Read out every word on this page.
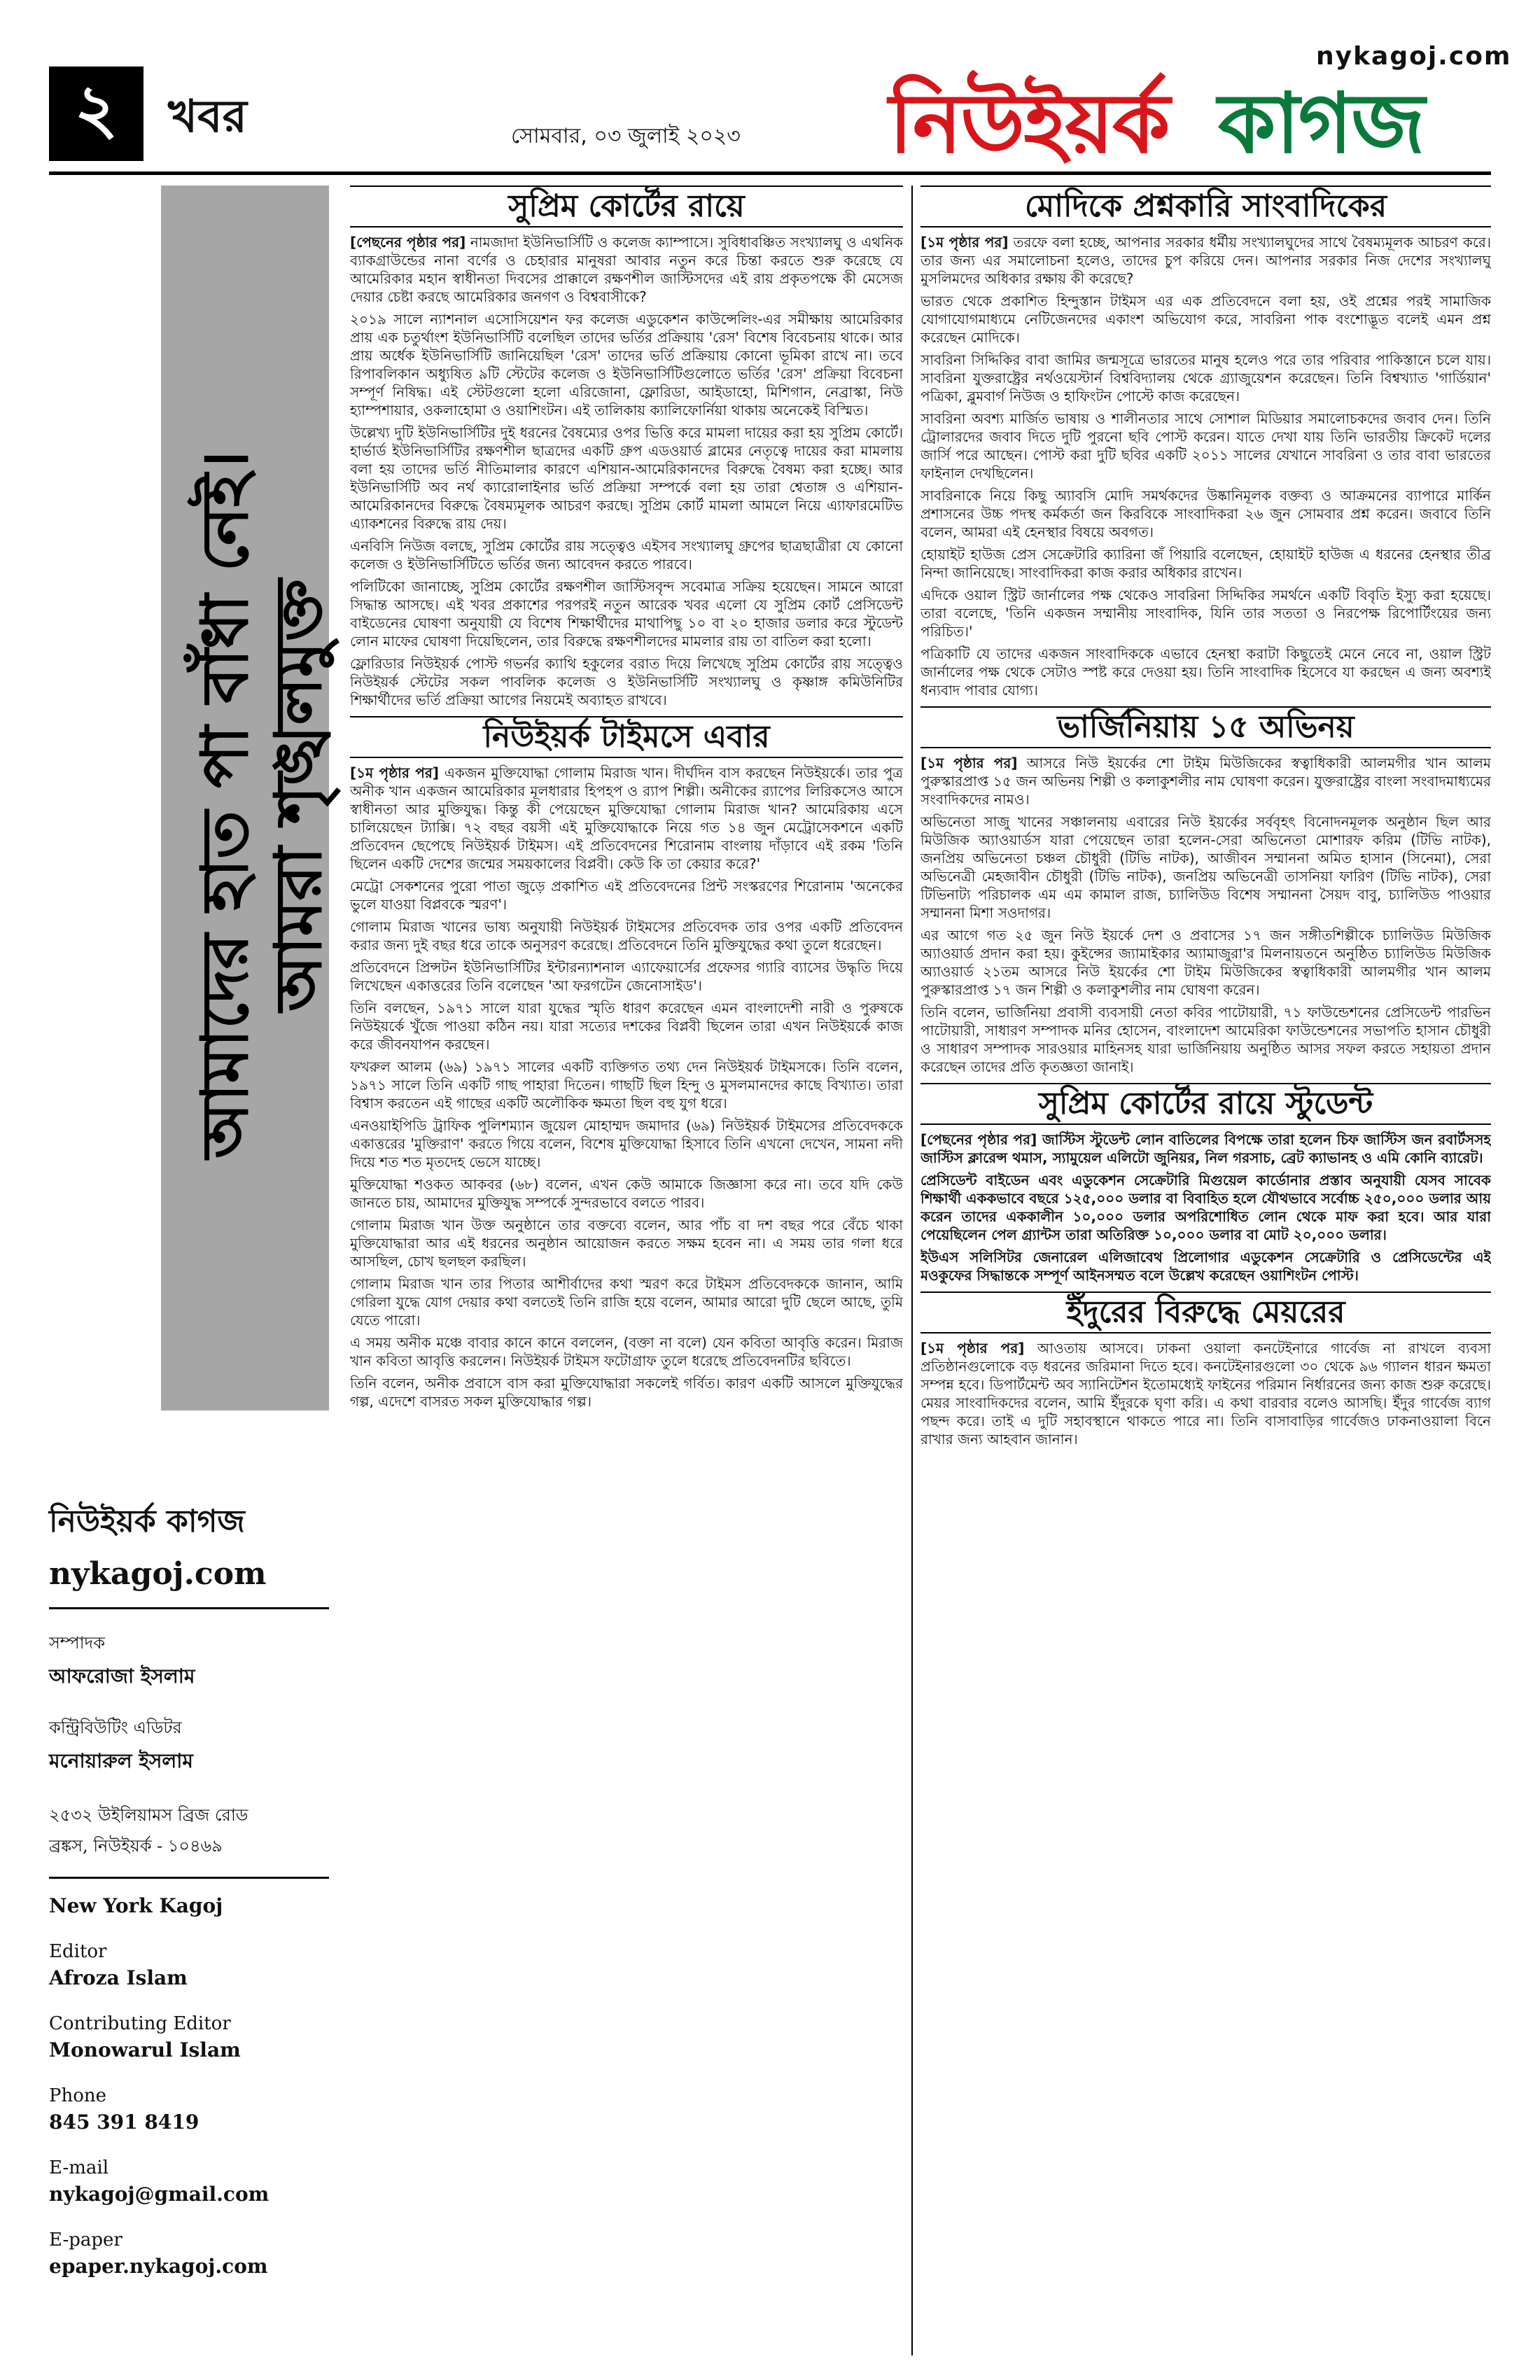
২	খবর	সোমবার, ০৩ জুলাই ২০২৩
nykagoj.com
নিউইয়র্ক কাগজ
আমাদের হাত পা বাঁধা নেই।
আমরা শৃঙ্খলমুক্ত
নিউইয়র্ক কাগজ
nykagoj.com
সম্পাদক
আফরোজা ইসলাম
কন্ট্রিবিউটিং এডিটর
মনোয়ারুল ইসলাম
২৫৩২ উইলিয়ামস ব্রিজ রোড
ব্রঙ্কস, নিউইয়র্ক - ১০৪৬৯
New York Kagoj
Editor
Afroza Islam
Contributing Editor
Monowarul Islam
Phone
845 391 8419
E-mail
nykagoj@gmail.com
E-paper
epaper.nykagoj.com
সুপ্রিম কোর্টের রায়ে

[পেছনের পৃষ্ঠার পর] নামজাদা ইউনিভার্সিটি ও কলেজ ক্যাম্পাসে। সুবিধাবঞ্চিত সংখ্যালঘু ও এথনিক ব্যাকগ্রাউন্ডের নানা বর্ণের ও চেহারার মানুষরা আবার নতুন করে চিন্তা করতে শুরু করেছে যে আমেরিকার মহান স্বাধীনতা দিবসের প্রাক্কালে রক্ষণশীল জাস্টিসদের এই রায় প্রকৃতপক্ষে কী মেসেজ দেয়ার চেষ্টা করছে আমেরিকার জনগণ ও বিশ্ববাসীকে?

২০১৯ সালে ন্যাশনাল এসোসিয়েশন ফর কলেজ এডুকেশন কাউন্সেলিং-এর সমীক্ষায় আমেরিকার প্রায় এক চতুর্থাংশ ইউনিভার্সিটি বলেছিল তাদের ভর্তির প্রক্রিয়ায় 'রেস' বিশেষ বিবেচনায় থাকে। আর প্রায় অর্ধেক ইউনিভার্সিটি জানিয়েছিল 'রেস' তাদের ভর্তি প্রক্রিয়ায় কোনো ভূমিকা রাখে না। তবে রিপাবলিকান অধ্যুষিত ৯টি স্টেটের কলেজ ও ইউনিভার্সিটিগুলোতে ভর্তির 'রেস' প্রক্রিয়া বিবেচনা সম্পূর্ণ নিষিদ্ধ। এই স্টেটগুলো হলো এরিজোনা, ফ্লোরিডা, আইডাহো, মিশিগান, নেব্রাস্কা, নিউ হ্যাম্পশায়ার, ওকলাহোমা ও ওয়াশিংটন। এই তালিকায় ক্যালিফোর্নিয়া থাকায় অনেকেই বিস্মিত।

উল্লেখ্য দুটি ইউনিভার্সিটির দুই ধরনের বৈষম্যের ওপর ভিত্তি করে মামলা দায়ের করা হয় সুপ্রিম কোর্টে। হার্ভার্ড ইউনিভার্সিটির রক্ষণশীল ছাত্রদের একটি গ্রুপ এডওয়ার্ড ব্লামের নেতৃত্বে দায়ের করা মামলায় বলা হয় তাদের ভর্তি নীতিমালার কারণে এশিয়ান-আমেরিকানদের বিরুদ্ধে বৈষম্য করা হচ্ছে। আর ইউনিভার্সিটি অব নর্থ ক্যারোলাইনার ভর্তি প্রক্রিয়া সম্পর্কে বলা হয় তারা শ্বেতাঙ্গ ও এশিয়ান-আমেরিকানদের বিরুদ্ধে বৈষম্যমূলক আচরণ করছে। সুপ্রিম কোর্ট মামলা আমলে নিয়ে এ্যাফারমেটিভ এ্যাকশনের বিরুদ্ধে রায় দেয়।

এনবিসি নিউজ বলছে, সুপ্রিম কোর্টের রায় সত্ত্বেও এইসব সংখ্যালঘু গ্রুপের ছাত্রছাত্রীরা যে কোনো কলেজ ও ইউনিভার্সিটিতে ভর্তির জন্য আবেদন করতে পারবে।

পলিটিকো জানাচ্ছে, সুপ্রিম কোর্টের রক্ষণশীল জাস্টিসবৃন্দ সবেমাত্র সক্রিয় হয়েছেন। সামনে আরো সিদ্ধান্ত আসছে। এই খবর প্রকাশের পরপরই নতুন আরেক খবর এলো যে সুপ্রিম কোর্ট প্রেসিডেন্ট বাইডেনের ঘোষণা অনুযায়ী যে বিশেষ শিক্ষার্থীদের মাথাপিছু ১০ বা ২০ হাজার ডলার করে স্টুডেন্ট লোন মাফের ঘোষণা দিয়েছিলেন, তার বিরুদ্ধে রক্ষণশীলদের মামলার রায় তা বাতিল করা হলো।

ফ্লোরিডার নিউইয়র্ক পোস্ট গভর্নর ক্যাথি হকুলের বরাত দিয়ে লিখেছে সুপ্রিম কোর্টের রায় সত্ত্বেও নিউইয়র্ক স্টেটের সকল পাবলিক কলেজ ও ইউনিভার্সিটি সংখ্যালঘু ও কৃষ্ণাঙ্গ কমিউনিটির শিক্ষার্থীদের ভর্তি প্রক্রিয়া আগের নিয়মেই অব্যাহত রাখবে।

নিউইয়র্ক টাইমসে এবার

[১ম পৃষ্ঠার পর] একজন মুক্তিযোদ্ধা গোলাম মিরাজ খান। দীর্ঘদিন বাস করছেন নিউইয়র্কে। তার পুত্র অনীক খান একজন আমেরিকার মূলধারার হিপহপ ও র‌্যাপ শিল্পী। অনীকের র‌্যাপের লিরিকসেও আসে স্বাধীনতা আর মুক্তিযুদ্ধ। কিন্তু কী পেয়েছেন মুক্তিযোদ্ধা গোলাম মিরাজ খান? আমেরিকায় এসে চালিয়েছেন ট্যাক্সি। ৭২ বছর বয়সী এই মুক্তিযোদ্ধাকে নিয়ে গত ১৪ জুন মেট্রোসেকশনে একটি প্রতিবেদন ছেপেছে নিউইয়র্ক টাইমস। এই প্রতিবেদনের শিরোনাম বাংলায় দাঁড়াবে এই রকম 'তিনি ছিলেন একটি দেশের জন্মের সময়কালের বিপ্লবী। কেউ কি তা কেয়ার করে?'

মেট্রো সেকশনের পুরো পাতা জুড়ে প্রকাশিত এই প্রতিবেদনের প্রিন্ট সংস্করণের শিরোনাম 'অনেকের ভুলে যাওয়া বিপ্লবকে স্মরণ'।

গোলাম মিরাজ খানের ভাষ্য অনুযায়ী নিউইয়র্ক টাইমসের প্রতিবেদক তার ওপর একটি প্রতিবেদন করার জন্য দুই বছর ধরে তাকে অনুসরণ করেছে। প্রতিবেদনে তিনি মুক্তিযুদ্ধের কথা তুলে ধরেছেন।

প্রতিবেদনে প্রিন্সটন ইউনিভার্সিটির ইন্টারন্যাশনাল এ্যাফেয়ার্সের প্রফেসর গ্যারি ব্যাসের উদ্ধৃতি দিয়ে লিখেছেন একাত্তরের তিনি বলেছেন 'আ ফরগটেন জেনোসাইড'।

তিনি বলছেন, ১৯৭১ সালে যারা যুদ্ধের স্মৃতি ধারণ করেছেন এমন বাংলাদেশী নারী ও পুরুষকে নিউইয়র্কে খুঁজে পাওয়া কঠিন নয়। যারা সত্যের দশকের বিপ্লবী ছিলেন তারা এখন নিউইয়র্কে কাজ করে জীবনযাপন করছেন।

ফখরুল আলম (৬৯) ১৯৭১ সালের একটি ব্যক্তিগত তথ্য দেন নিউইয়র্ক টাইমসকে। তিনি বলেন, ১৯৭১ সালে তিনি একটি গাছ পাহারা দিতেন। গাছটি ছিল হিন্দু ও মুসলমানদের কাছে বিখ্যাত। তারা বিশ্বাস করতেন এই গাছের একটি অলৌকিক ক্ষমতা ছিল বহু যুগ ধরে।

এনওয়াইপিডি ট্রাফিক পুলিশম্যান জুয়েল মোহাম্মদ জমাদার (৬৯) নিউইয়র্ক টাইমসের প্রতিবেদককে একাত্তরের 'মুক্তিরাণ' করতে গিয়ে বলেন, বিশেষ মুক্তিযোদ্ধা হিসাবে তিনি এখনো দেখেন, সামনা নদী দিয়ে শত শত মৃতদেহ ভেসে যাচ্ছে।

মুক্তিযোদ্ধা শওকত আকবর (৬৮) বলেন, এখন কেউ আমাকে জিজ্ঞাসা করে না। তবে যদি কেউ জানতে চায়, আমাদের মুক্তিযুদ্ধ সম্পর্কে সুন্দরভাবে বলতে পারব।

গোলাম মিরাজ খান উক্ত অনুষ্ঠানে তার বক্তব্যে বলেন, আর পাঁচ বা দশ বছর পরে বেঁচে থাকা মুক্তিযোদ্ধারা আর এই ধরনের অনুষ্ঠান আয়োজন করতে সক্ষম হবেন না। এ সময় তার গলা ধরে আসছিল, চোখ ছলছল করছিল।

গোলাম মিরাজ খান তার পিতার আশীর্বাদের কথা স্মরণ করে টাইমস প্রতিবেদককে জানান, আমি গেরিলা যুদ্ধে যোগ দেয়ার কথা বলতেই তিনি রাজি হয়ে বলেন, আমার আরো দুটি ছেলে আছে, তুমি যেতে পারো।

এ সময় অনীক মঞ্চে বাবার কানে কানে বললেন, (বক্তা না বলে) যেন কবিতা আবৃত্তি করেন। মিরাজ খান কবিতা আবৃত্তি করলেন। নিউইয়র্ক টাইমস ফটোগ্রাফ তুলে ধরেছে প্রতিবেদনটির ছবিতে।

তিনি বলেন, অনীক প্রবাসে বাস করা মুক্তিযোদ্ধারা সকলেই গর্বিত। কারণ একটি আসলে মুক্তিযুদ্ধের গল্প, এদেশে বাসরত সকল মুক্তিযোদ্ধার গল্প।

মোদিকে প্রশ্নকারি সাংবাদিকের

[১ম পৃষ্ঠার পর] তরফে বলা হচ্ছে, আপনার সরকার ধর্মীয় সংখ্যালঘুদের সাথে বৈষম্যমূলক আচরণ করে। তার জন্য এর সমালোচনা হলেও, তাদের চুপ করিয়ে দেন। আপনার সরকার নিজ দেশের সংখ্যালঘু মুসলিমদের অধিকার রক্ষায় কী করেছে?

ভারত থেকে প্রকাশিত হিন্দুস্তান টাইমস এর এক প্রতিবেদনে বলা হয়, ওই প্রশ্নের পরই সামাজিক যোগাযোগমাধ্যমে নেটিজেনদের একাংশ অভিযোগ করে, সাবরিনা পাক বংশোদ্ভূত বলেই এমন প্রশ্ন করেছেন মোদিকে।

সাবরিনা সিদ্দিকির বাবা জামির জন্মসূত্রে ভারতের মানুষ হলেও পরে তার পরিবার পাকিস্তানে চলে যায়। সাবরিনা যুক্তরাষ্ট্রের নর্থওয়েস্টার্ন বিশ্ববিদ্যালয় থেকে গ্র্যাজুয়েশন করেছেন। তিনি বিশ্বখ্যাত 'গার্ডিয়ান' পত্রিকা, ব্লুমবার্গ নিউজ ও হাফিংটন পোস্টে কাজ করেছেন।

সাবরিনা অবশ্য মার্জিত ভাষায় ও শালীনতার সাথে সোশাল মিডিয়ার সমালোচকদের জবাব দেন। তিনি ট্রোলারদের জবাব দিতে দুটি পুরনো ছবি পোস্ট করেন। যাতে দেখা যায় তিনি ভারতীয় ক্রিকেট দলের জার্সি পরে আছেন। পোস্ট করা দুটি ছবির একটি ২০১১ সালের যেখানে সাবরিনা ও তার বাবা ভারতের ফাইনাল দেখছিলেন।

সাবরিনাকে নিয়ে কিছু অ্যাবসি মোদি সমর্থকদের উষ্কানিমূলক বক্তব্য ও আক্রমনের ব্যাপারে মার্কিন প্রশাসনের উচ্চ পদস্থ কর্মকর্তা জন কিরবিকে সাংবাদিকরা ২৬ জুন সোমবার প্রশ্ন করেন। জবাবে তিনি বলেন, আমরা এই হেনস্থার বিষয়ে অবগত।

হোয়াইট হাউজ প্রেস সেক্রেটারি ক্যারিনা জঁ পিয়ারি বলেছেন, হোয়াইট হাউজ এ ধরনের হেনস্থার তীব্র নিন্দা জানিয়েছে। সাংবাদিকরা কাজ করার অধিকার রাখেন।

এদিকে ওয়াল স্ট্রিট জার্নালের পক্ষ থেকেও সাবরিনা সিদ্দিকির সমর্থনে একটি বিবৃতি ইস্যু করা হয়েছে। তারা বলেছে, 'তিনি একজন সম্মানীয় সাংবাদিক, যিনি তার সততা ও নিরপেক্ষ রিপোর্টিংয়ের জন্য পরিচিত।'

পত্রিকাটি যে তাদের একজন সাংবাদিককে এভাবে হেনস্থা করাটা কিছুতেই মেনে নেবে না, ওয়াল স্ট্রিট জার্নালের পক্ষ থেকে সেটাও স্পষ্ট করে দেওয়া হয়। তিনি সাংবাদিক হিসেবে যা করছেন এ জন্য অবশ্যই ধন্যবাদ পাবার যোগ্য।

ভার্জিনিয়ায় ১৫ অভিনয়

[১ম পৃষ্ঠার পর] আসরে নিউ ইয়র্কের শো টাইম মিউজিকের স্বত্বাধিকারী আলমগীর খান আলম পুরুস্কারপ্রাপ্ত ১৫ জন অভিনয় শিল্পী ও কলাকুশলীর নাম ঘোষণা করেন। যুক্তরাষ্ট্রের বাংলা সংবাদমাধ্যমের সংবাদিকদের নামও।

অভিনেতা সাজু খানের সঞ্চালনায় এবারের নিউ ইয়র্কের সর্ববৃহৎ বিনোদনমূলক অনুষ্ঠান ছিল আর মিউজিক অ্যাওয়ার্ডস যারা পেয়েছেন তারা হলেন-সেরা অভিনেতা মোশারফ করিম (টিভি নাটক), জনপ্রিয় অভিনেতা চঞ্চল চৌধুরী (টিভি নাটক), আজীবন সম্মাননা অমিত হাসান (সিনেমা), সেরা অভিনেত্রী মেহজাবীন চৌধুরী (টিভি নাটক), জনপ্রিয় অভিনেত্রী তাসনিয়া ফারিণ (টিভি নাটক), সেরা টিভিনাট্য পরিচালক এম এম কামাল রাজ, চ্যালিউড বিশেষ সম্মাননা সৈয়দ বাবু, চ্যালিউড পাওয়ার সম্মাননা মিশা সওদাগর।

এর আগে গত ২৫ জুন নিউ ইয়র্কে দেশ ও প্রবাসের ১৭ জন সঙ্গীতশিল্পীকে চ্যালিউড মিউজিক অ্যাওয়ার্ড প্রদান করা হয়। কুইন্সের জ্যামাইকার অ্যামাজুরা'র মিলনায়তনে অনুষ্ঠিত চ্যালিউড মিউজিক অ্যাওয়ার্ড ২১তম আসরে নিউ ইয়র্কের শো টাইম মিউজিকের স্বত্বাধিকারী আলমগীর খান আলম পুরুস্কারপ্রাপ্ত ১৭ জন শিল্পী ও কলাকুশলীর নাম ঘোষণা করেন।

তিনি বলেন, ভার্জিনিয়া প্রবাসী ব্যবসায়ী নেতা কবির পাটোয়ারী, ৭১ ফাউন্ডেশনের প্রেসিডেন্ট পারভিন পাটোয়ারী, সাধারণ সম্পাদক মনির হোসেন, বাংলাদেশ আমেরিকা ফাউন্ডেশনের সভাপতি হাসান চৌধুরী ও সাধারণ সম্পাদক সারওয়ার মাহিনসহ যারা ভার্জিনিয়ায় অনুষ্ঠিত আসর সফল করতে সহায়তা প্রদান করেছেন তাদের প্রতি কৃতজ্ঞতা জানাই।

সুপ্রিম কোর্টের রায়ে স্টুডেন্ট

[পেছনের পৃষ্ঠার পর] জাস্টিস স্টুডেন্ট লোন বাতিলের বিপক্ষে তারা হলেন চিফ জাস্টিস জন রবার্টসসহ জাস্টিস ক্লারেন্স থমাস, স্যামুয়েল এলিটো জুনিয়র, নিল গরসাচ, ব্রেট ক্যাভানহ ও এমি কোনি ব্যারেট।

প্রেসিডেন্ট বাইডেন এবং এডুকেশন সেক্রেটারি মিগুয়েল কার্ডোনার প্রস্তাব অনুযায়ী যেসব সাবেক শিক্ষার্থী এককভাবে বছরে ১২৫,০০০ ডলার বা বিবাহিত হলে যৌথভাবে সর্বোচ্চ ২৫০,০০০ ডলার আয় করেন তাদের এককালীন ১০,০০০ ডলার অপরিশোধিত লোন থেকে মাফ করা হবে। আর যারা পেয়েছিলেন পেল গ্র্যান্টস তারা অতিরিক্ত ১০,০০০ ডলার বা মোট ২০,০০০ ডলার।

ইউএস সলিসিটর জেনারেল এলিজাবেথ প্রিলোগার এডুকেশন সেক্রেটারি ও প্রেসিডেন্টের এই মওকুফের সিদ্ধান্তকে সম্পূর্ণ আইনসম্মত বলে উল্লেখ করেছেন ওয়াশিংটন পোস্ট।

ইঁদুরের বিরুদ্ধে মেয়রের

[১ম পৃষ্ঠার পর] আওতায় আসবে। ঢাকনা ওয়ালা কনটেইনারে গার্বেজ না রাখলে ব্যবসা প্রতিষ্ঠানগুলোকে বড় ধরনের জরিমানা দিতে হবে। কনটেইনারগুলো ৩০ থেকে ৯৬ গ্যালন ধারন ক্ষমতা সম্পন্ন হবে। ডিপার্টমেন্ট অব স্যানিটেশন ইতোমধ্যেই ফাইনের পরিমান নির্ধারনের জন্য কাজ শুরু করেছে। মেয়র সাংবাদিকদের বলেন, আমি ইঁদুরকে ঘৃণা করি। এ কথা বারবার বলেও আসছি। ইঁদুর গার্বেজ ব্যাগ পছন্দ করে। তাই এ দুটি সহাবস্থানে থাকতে পারে না। তিনি বাসাবাড়ির গার্বেজও ঢাকনাওয়ালা বিনে রাখার জন্য আহবান জানান।
